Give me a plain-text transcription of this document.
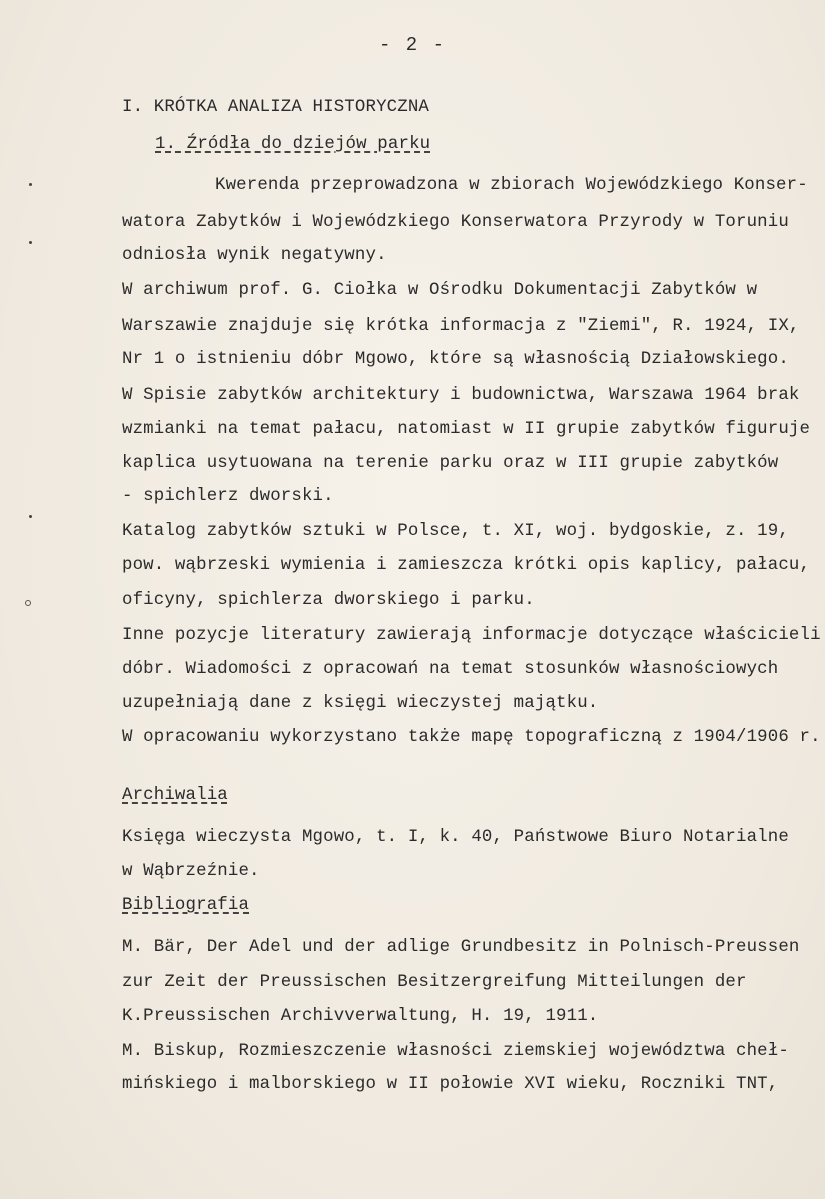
- 2 -
I. KRÓTKA ANALIZA HISTORYCZNA
1. Źródła do dziejów parku
Kwerenda przeprowadzona w zbiorach Wojewódzkiego Konser-
watora Zabytków i Wojewódzkiego Konserwatora Przyrody w Toruniu
odniosła wynik negatywny.
W archiwum prof. G. Ciołka w Ośrodku Dokumentacji Zabytków w
Warszawie znajduje się krótka informacja z "Ziemi", R. 1924, IX,
Nr 1 o istnieniu dóbr Mgowo, które są własnością Działowskiego.
W Spisie zabytków architektury i budownictwa, Warszawa 1964 brak
wzmianki na temat pałacu, natomiast w II grupie zabytków figuruje
kaplica usytuowana na terenie parku oraz w III grupie zabytków
- spichlerz dworski.
Katalog zabytków sztuki w Polsce, t. XI, woj. bydgoskie, z. 19,
pow. wąbrzeski wymienia i zamieszcza krótki opis kaplicy, pałacu,
oficyny, spichlerza dworskiego i parku.
Inne pozycje literatury zawierają informacje dotyczące właścicieli
dóbr. Wiadomości z opracowań na temat stosunków własnościowych
uzupełniają dane z księgi wieczystej majątku.
W opracowaniu wykorzystano także mapę topograficzną z 1904/1906 r.
Archiwalia
Księga wieczysta Mgowo, t. I, k. 40, Państwowe Biuro Notarialne
w Wąbrzeźnie.
Bibliografia
M. Bär, Der Adel und der adlige Grundbesitz in Polnisch-Preussen
zur Zeit der Preussischen Besitzergreifung Mitteilungen der
K.Preussischen Archivverwaltung, H. 19, 1911.
M. Biskup, Rozmieszczenie własności ziemskiej województwa cheł-
mińskiego i malborskiego w II połowie XVI wieku, Roczniki TNT,
